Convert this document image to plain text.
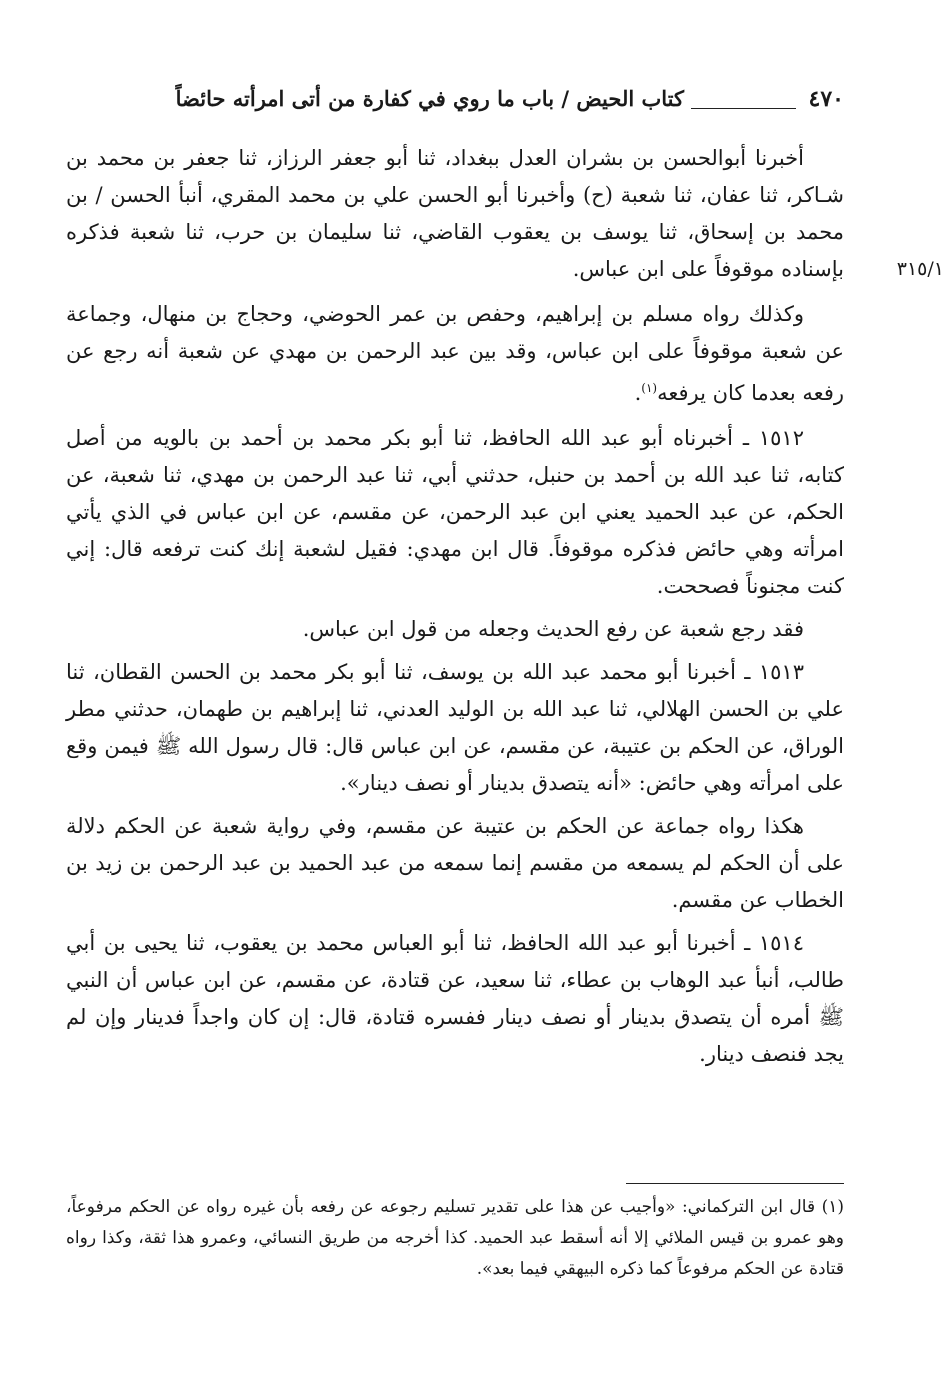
٤٧٠
كتاب الحيض / باب ما روي في كفارة من أتى امرأته حائضاً
٣١٥/١

أخبرنا أبوالحسن بن بشران العدل ببغداد، ثنا أبو جعفر الرزاز، ثنا جعفر بن محمد بن شـاكر، ثنا عفان، ثنا شعبة (ح) وأخبرنا أبو الحسن علي بن محمد المقري، أنبأ الحسن / بن محمد بن إسحاق، ثنا يوسف بن يعقوب القاضي، ثنا سليمان بن حرب، ثنا شعبة فذكره بإسناده موقوفاً على ابن عباس.

وكذلك رواه مسلم بن إبراهيم، وحفص بن عمر الحوضي، وحجاج بن منهال، وجماعة عن شعبة موقوفاً على ابن عباس، وقد بين عبد الرحمن بن مهدي عن شعبة أنه رجع عن رفعه بعدما كان يرفعه$^{(١)}$.

١٥١٢ ـ أخبرناه أبو عبد الله الحافظ، ثنا أبو بكر محمد بن أحمد بن بالويه من أصل كتابه، ثنا عبد الله بن أحمد بن حنبل، حدثني أبي، ثنا عبد الرحمن بن مهدي، ثنا شعبة، عن الحكم، عن عبد الحميد يعني ابن عبد الرحمن، عن مقسم، عن ابن عباس في الذي يأتي امرأته وهي حائض فذكره موقوفاً. قال ابن مهدي: فقيل لشعبة إنك كنت ترفعه قال: إني كنت مجنوناً فصححت.

فقد رجع شعبة عن رفع الحديث وجعله من قول ابن عباس.

١٥١٣ ـ أخبرنا أبو محمد عبد الله بن يوسف، ثنا أبو بكر محمد بن الحسن القطان، ثنا علي بن الحسن الهلالي، ثنا عبد الله بن الوليد العدني، ثنا إبراهيم بن طهمان، حدثني مطر الوراق، عن الحكم بن عتيبة، عن مقسم، عن ابن عباس قال: قال رسول الله ﷺ فيمن وقع على امرأته وهي حائض: «أنه يتصدق بدينار أو نصف دينار».

هكذا رواه جماعة عن الحكم بن عتيبة عن مقسم، وفي رواية شعبة عن الحكم دلالة على أن الحكم لم يسمعه من مقسم إنما سمعه من عبد الحميد بن عبد الرحمن بن زيد بن الخطاب عن مقسم.

١٥١٤ ـ أخبرنا أبو عبد الله الحافظ، ثنا أبو العباس محمد بن يعقوب، ثنا يحيى بن أبي طالب، أنبأ عبد الوهاب بن عطاء، ثنا سعيد، عن قتادة، عن مقسم، عن ابن عباس أن النبي ﷺ أمره أن يتصدق بدينار أو نصف دينار ففسره قتادة، قال: إن كان واجداً فدينار وإن لم يجد فنصف دينار.

(١) قال ابن التركماني: «وأجيب عن هذا على تقدير تسليم رجوعه عن رفعه بأن غيره رواه عن الحكم مرفوعاً، وهو عمرو بن قيس الملائي إلا أنه أسقط عبد الحميد. كذا أخرجه من طريق النسائي، وعمرو هذا ثقة، وكذا رواه قتادة عن الحكم مرفوعاً كما ذكره البيهقي فيما بعد».
